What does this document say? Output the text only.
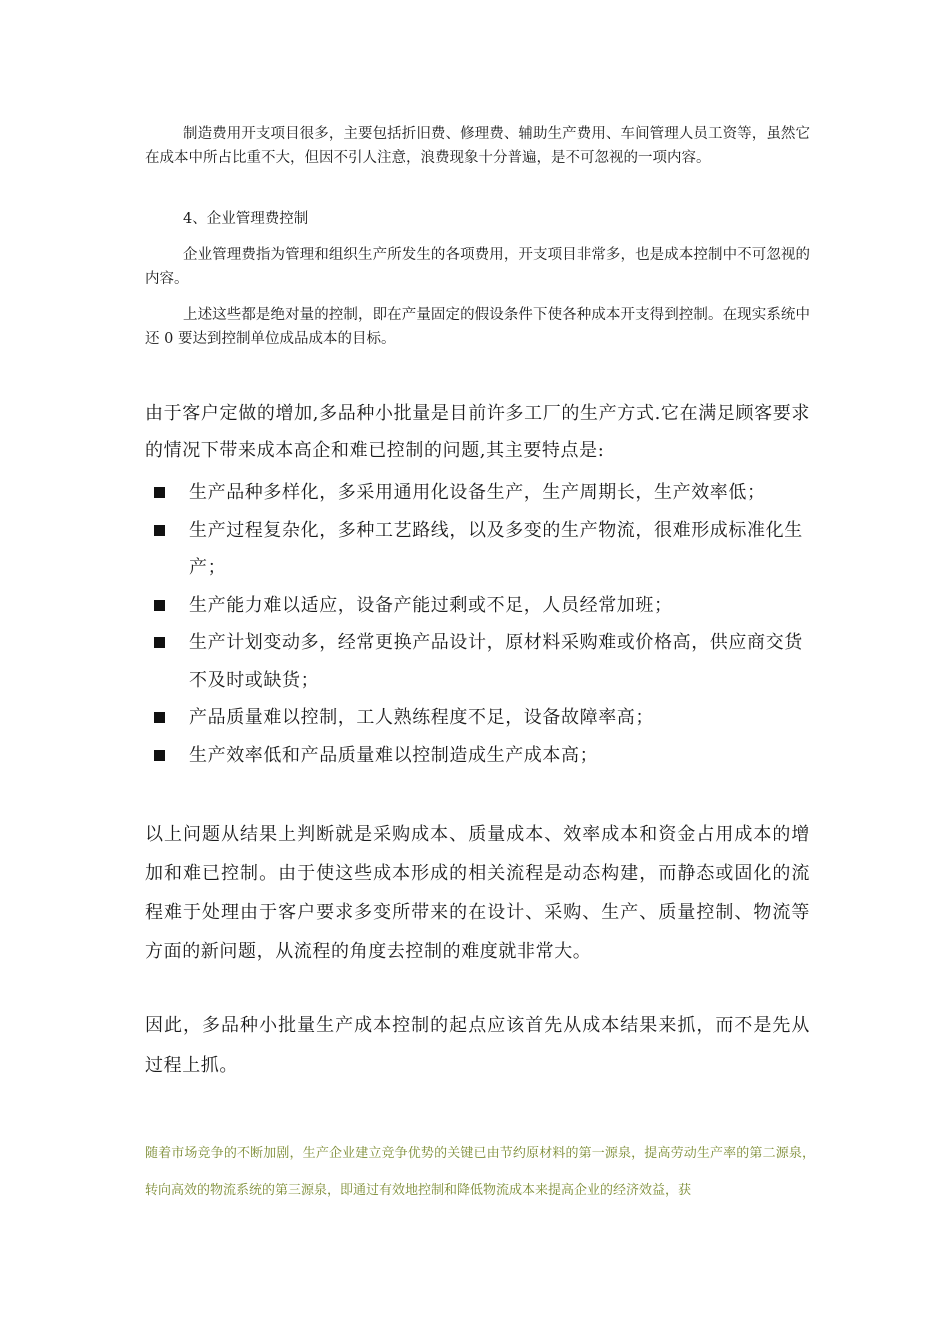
制造费用开支项目很多，主要包括折旧费、修理费、辅助生产费用、车间管理人员工资等，虽然它在成本中所占比重不大，但因不引人注意，浪费现象十分普遍，是不可忽视的一项内容。

4、企业管理费控制

企业管理费指为管理和组织生产所发生的各项费用，开支项目非常多，也是成本控制中不可忽视的内容。

上述这些都是绝对量的控制，即在产量固定的假设条件下使各种成本开支得到控制。在现实系统中还 0 要达到控制单位成品成本的目标。

由于客户定做的增加,多品种小批量是目前许多工厂的生产方式.它在满足顾客要求的情况下带来成本高企和难已控制的问题,其主要特点是:

生产品种多样化，多采用通用化设备生产，生产周期长，生产效率低；
生产过程复杂化，多种工艺路线，以及多变的生产物流，很难形成标准化生产；
生产能力难以适应，设备产能过剩或不足，人员经常加班；
生产计划变动多，经常更换产品设计，原材料采购难或价格高，供应商交货不及时或缺货；
产品质量难以控制，工人熟练程度不足，设备故障率高；
生产效率低和产品质量难以控制造成生产成本高；

以上问题从结果上判断就是采购成本、质量成本、效率成本和资金占用成本的增加和难已控制。由于使这些成本形成的相关流程是动态构建，而静态或固化的流程难于处理由于客户要求多变所带来的在设计、采购、生产、质量控制、物流等方面的新问题，从流程的角度去控制的难度就非常大。

因此，多品种小批量生产成本控制的起点应该首先从成本结果来抓，而不是先从过程上抓。

随着市场竞争的不断加剧，生产企业建立竞争优势的关键已由节约原材料的第一源泉，提高劳动生产率的第二源泉，转向高效的物流系统的第三源泉，即通过有效地控制和降低物流成本来提高企业的经济效益，获
